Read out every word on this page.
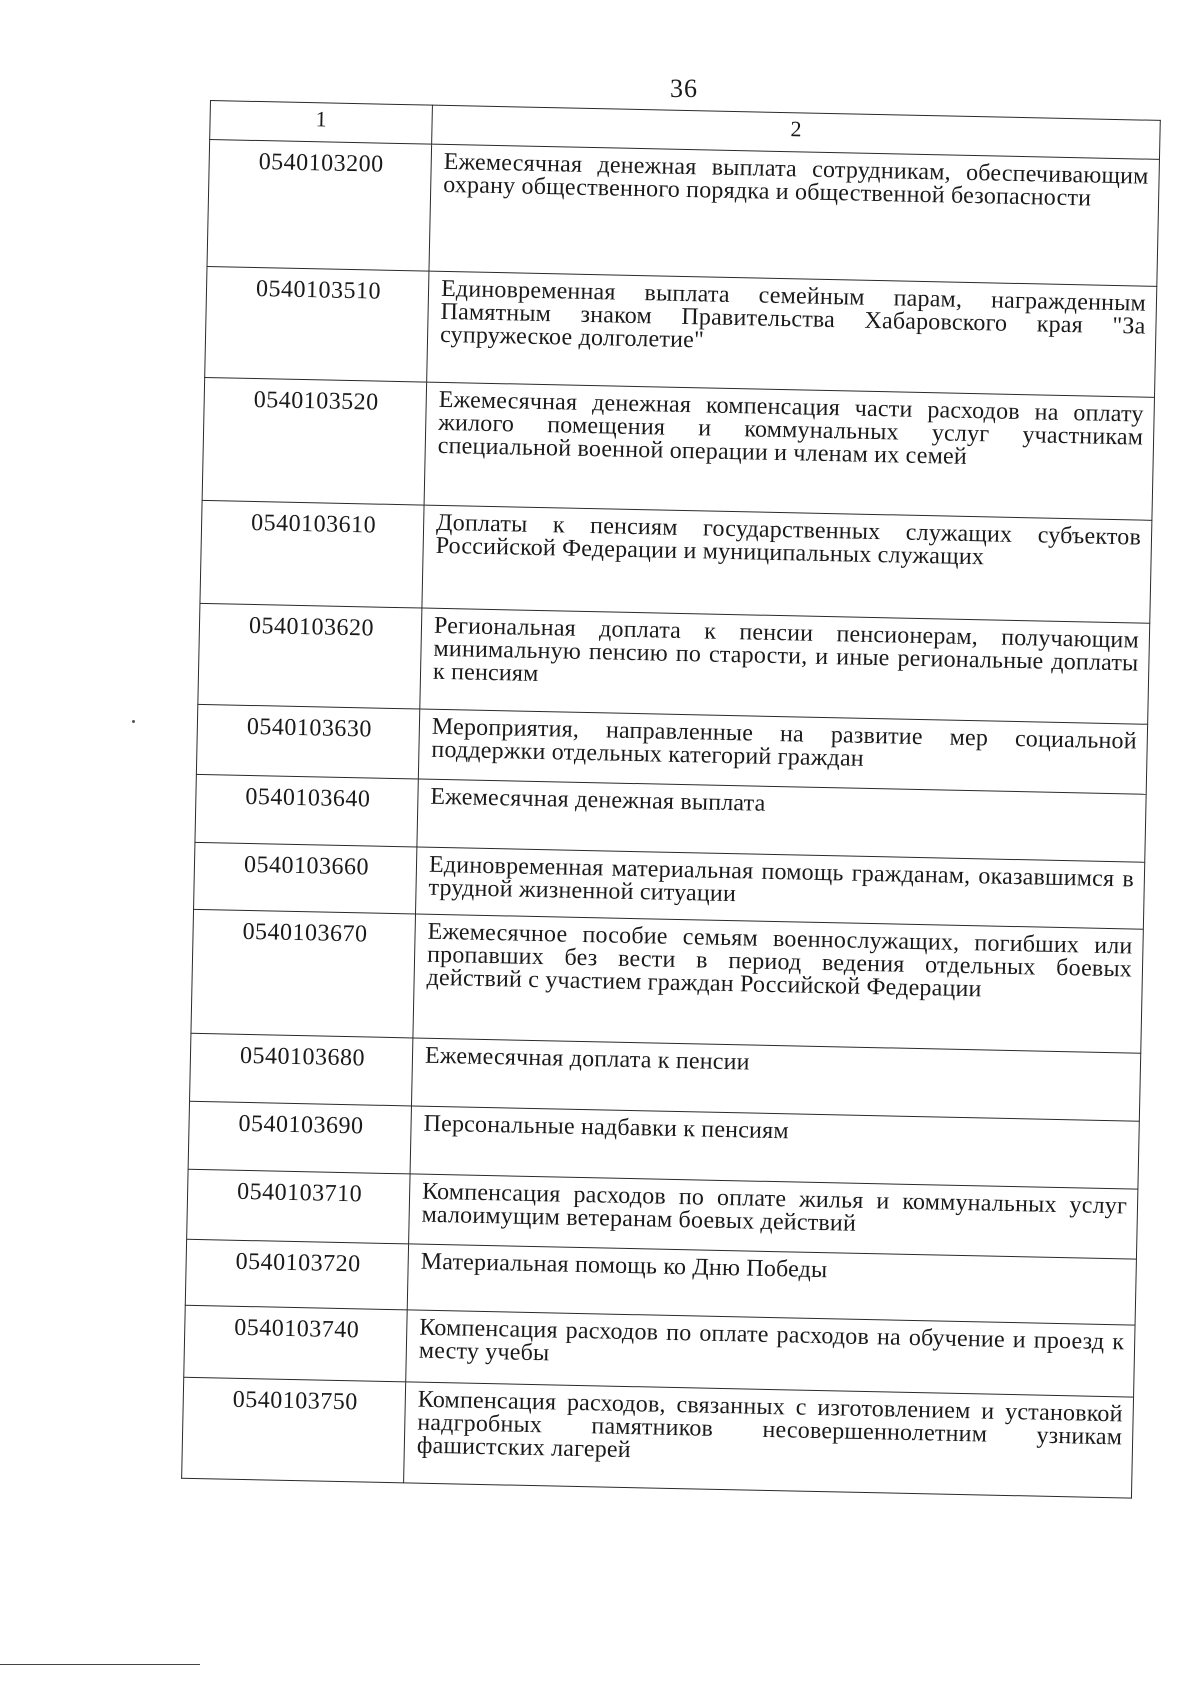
36
1	2
0540103200	Ежемесячная денежная выплата сотрудникам, обеспечивающим охрану общественного порядка и общественной безопасности
0540103510	Единовременная выплата семейным парам, награжденным Памятным знаком Правительства Хабаровского края "За супружеское долголетие"
0540103520	Ежемесячная денежная компенсация части расходов на оплату жилого помещения и коммунальных услуг участникам специальной военной операции и членам их семей
0540103610	Доплаты к пенсиям государственных служащих субъектов Российской Федерации и муниципальных служащих
0540103620	Региональная доплата к пенсии пенсионерам, получающим минимальную пенсию по старости, и иные региональные доплаты к пенсиям
0540103630	Мероприятия, направленные на развитие мер социальной поддержки отдельных категорий граждан
0540103640	Ежемесячная денежная выплата
0540103660	Единовременная материальная помощь гражданам, оказавшимся в трудной жизненной ситуации
0540103670	Ежемесячное пособие семьям военнослужащих, погибших или пропавших без вести в период ведения отдельных боевых действий с участием граждан Российской Федерации
0540103680	Ежемесячная доплата к пенсии
0540103690	Персональные надбавки к пенсиям
0540103710	Компенсация расходов по оплате жилья и коммунальных услуг малоимущим ветеранам боевых действий
0540103720	Материальная помощь ко Дню Победы
0540103740	Компенсация расходов по оплате расходов на обучение и проезд к месту учебы
0540103750	Компенсация расходов, связанных с изготовлением и установкой надгробных памятников несовершеннолетним узникам фашистских лагерей
